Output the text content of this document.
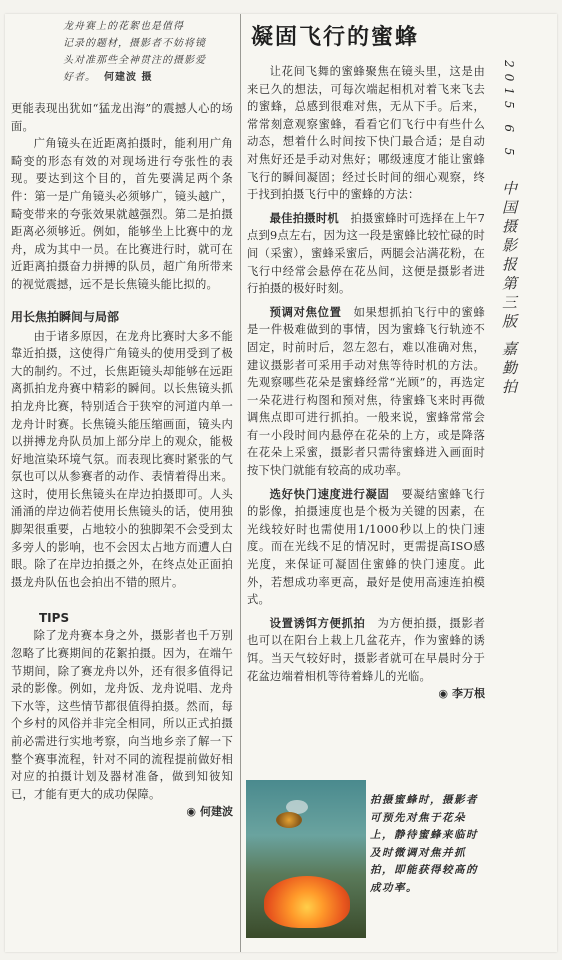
龙舟赛上的花絮也是值得
记录的题材，摄影者不妨将镜
头对准那些全神贯注的摄影爱
好者。 何建波 摄

更能表现出犹如“猛龙出海”的震撼人心的场面。

广角镜头在近距离拍摄时，能利用广角畸变的形态有效的对现场进行夸张性的表现。要达到这个目的，首先要满足两个条件：第一是广角镜头必须够广，镜头越广，畸变带来的夸张效果就越强烈。第二是拍摄距离必须够近。例如，能够坐上比赛中的龙舟，成为其中一员。在比赛进行时，就可在近距离拍摄奋力拼搏的队员，超广角所带来的视觉震撼，远不是长焦镜头能比拟的。

用长焦拍瞬间与局部

由于诸多原因，在龙舟比赛时大多不能靠近拍摄，这使得广角镜头的使用受到了极大的制约。不过，长焦距镜头却能够在远距离抓拍龙舟赛中精彩的瞬间。以长焦镜头抓拍龙舟比赛，特别适合于狭窄的河道内单一龙舟计时赛。长焦镜头能压缩画面，镜头内以拼搏龙舟队员加上部分岸上的观众，能极好地渲染环境气氛。而表现比赛时紧张的气氛也可以从参赛者的动作、表情着得出来。这时，使用长焦镜头在岸边拍摄即可。人头涌涌的岸边倘若使用长焦镜头的话，使用独脚架很重要，占地较小的独脚架不会受到太多旁人的影响，也不会因太占地方而遭人白眼。除了在岸边拍摄之外，在终点处正面拍摄龙舟队伍也会拍出不错的照片。

TIPS

除了龙舟赛本身之外，摄影者也千万别忽略了比赛期间的花絮拍摄。因为，在端午节期间，除了赛龙舟以外，还有很多值得记录的影像。例如，龙舟饭、龙舟说唱、龙舟下水等，这些情节都很值得拍摄。然而，每个乡村的风俗并非完全相同，所以正式拍摄前必需进行实地考察，向当地乡亲了解一下整个赛事流程，针对不同的流程提前做好相对应的拍摄计划及器材准备，做到知彼知已，才能有更大的成功保障。

◉ 何建波
凝固飞行的蜜蜂

让花间飞舞的蜜蜂聚焦在镜头里，这是由来已久的想法，可每次端起相机对着飞来飞去的蜜蜂，总感到很难对焦，无从下手。后来，常常刻意观察蜜蜂，看看它们飞行中有些什么动态，想着什么时间按下快门最合适；是自动对焦好还是手动对焦好；哪级速度才能让蜜蜂飞行的瞬间凝固；经过长时间的细心观察，终于找到拍摄飞行中的蜜蜂的方法：

最佳拍摄时机　 拍摄蜜蜂时可选择在上午7点到9点左右，因为这一段是蜜蜂比较忙碌的时间（采蜜），蜜蜂采蜜后，两腿会沾满花粉，在飞行中经常会悬停在花丛间，这便是摄影者进行拍摄的极好时刻。

预调对焦位置　 如果想抓拍飞行中的蜜蜂是一件极难做到的事情，因为蜜蜂飞行轨迹不固定，时前时后，忽左忽右，难以准确对焦，建议摄影者可采用手动对焦等待时机的方法。先观察哪些花朵是蜜蜂经常“光顾”的，再选定一朵花进行构图和预对焦，待蜜蜂飞来时再微调焦点即可进行抓拍。一般来说，蜜蜂常常会有一小段时间内悬停在花朵的上方，或是降落在花朵上采蜜，摄影者只需待蜜蜂进入画面时按下快门就能有较高的成功率。

选好快门速度进行凝固　 要凝结蜜蜂飞行的影像，拍摄速度也是个极为关键的因素，在光线较好时也需使用1/1000秒以上的快门速度。而在光线不足的情况时，更需提高ISO感光度，来保证可凝固住蜜蜂的快门速度。此外，若想成功率更高，最好是使用高速连拍模式。

设置诱饵方便抓拍　 为方便拍摄，摄影者也可以在阳台上栽上几盆花卉，作为蜜蜂的诱饵。当天气较好时，摄影者就可在早晨时分于花盆边端着相机等待着蜂儿的光临。

◉ 李万根
拍摄蜜蜂时，摄影者可预先对焦于花朵上，静待蜜蜂来临时及时微调对焦并抓拍，即能获得较高的成功率。
2015 6 5 中国摄影报第三版 嘉勤拍
